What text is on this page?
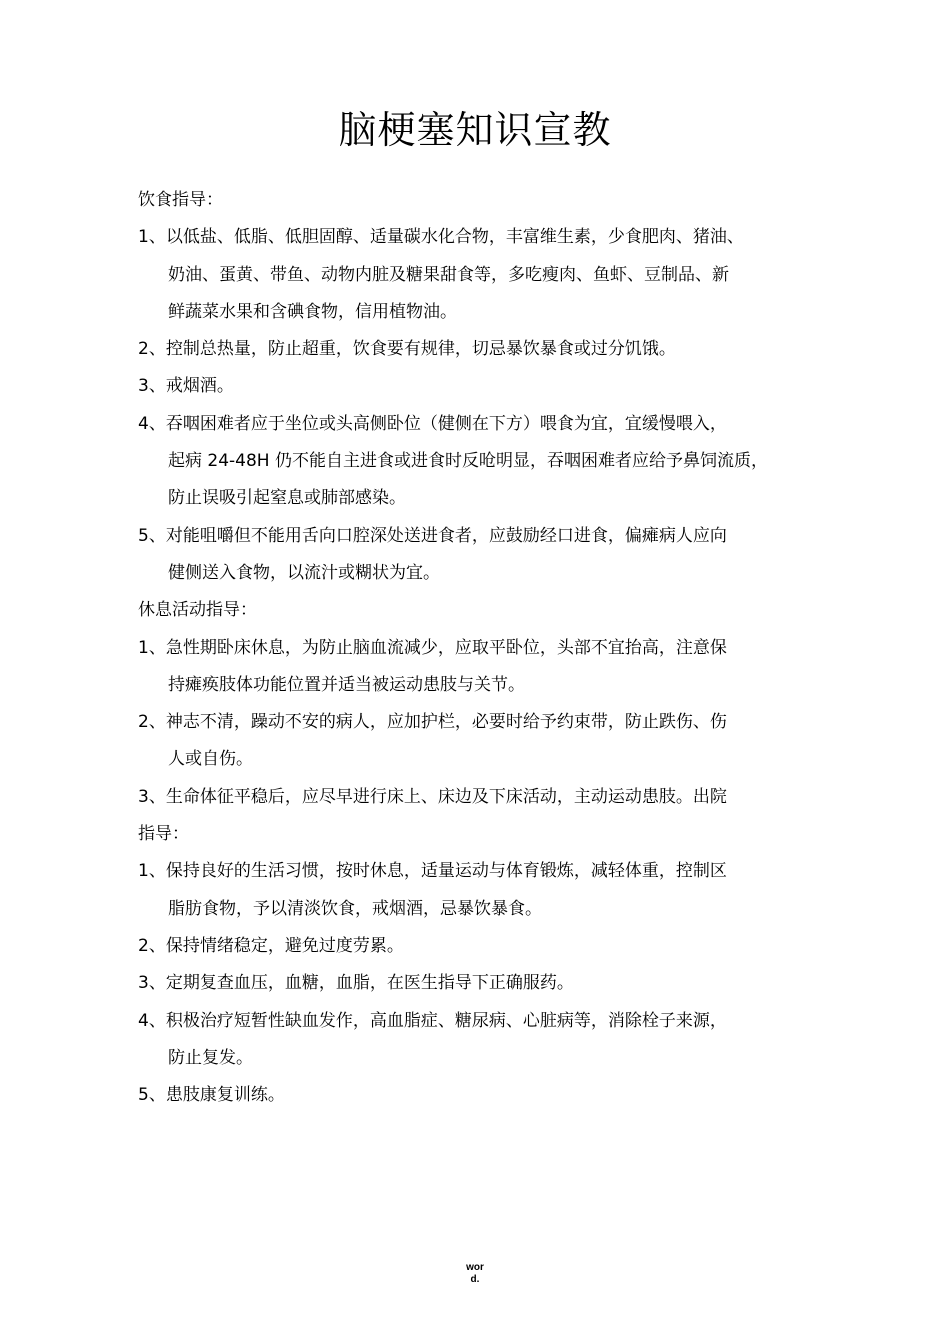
脑梗塞知识宣教

饮食指导：

1、以低盐、低脂、低胆固醇、适量碳水化合物，丰富维生素，少食肥肉、猪油、
奶油、蛋黄、带鱼、动物内脏及糖果甜食等，多吃瘦肉、鱼虾、豆制品、新
鲜蔬菜水果和含碘食物，信用植物油。
2、控制总热量，防止超重，饮食要有规律，切忌暴饮暴食或过分饥饿。
3、戒烟酒。
4、吞咽困难者应于坐位或头高侧卧位（健侧在下方）喂食为宜，宜缓慢喂入，
起病 24-48H 仍不能自主进食或进食时反呛明显，吞咽困难者应给予鼻饲流质，
防止误吸引起窒息或肺部感染。
5、对能咀嚼但不能用舌向口腔深处送进食者，应鼓励经口进食，偏瘫病人应向
健侧送入食物，以流汁或糊状为宜。

休息活动指导：

1、急性期卧床休息，为防止脑血流减少，应取平卧位，头部不宜抬高，注意保
持瘫痪肢体功能位置并适当被运动患肢与关节。
2、神志不清，躁动不安的病人，应加护栏，必要时给予约束带，防止跌伤、伤
人或自伤。
3、生命体征平稳后，应尽早进行床上、床边及下床活动，主动运动患肢。出院

指导：

1、保持良好的生活习惯，按时休息，适量运动与体育锻炼，减轻体重，控制区
脂肪食物，予以清淡饮食，戒烟酒，忌暴饮暴食。
2、保持情绪稳定，避免过度劳累。
3、定期复查血压，血糖，血脂，在医生指导下正确服药。
4、积极治疗短暂性缺血发作，高血脂症、糖尿病、心脏病等，消除栓子来源，
防止复发。
5、患肢康复训练。
wor
d.
